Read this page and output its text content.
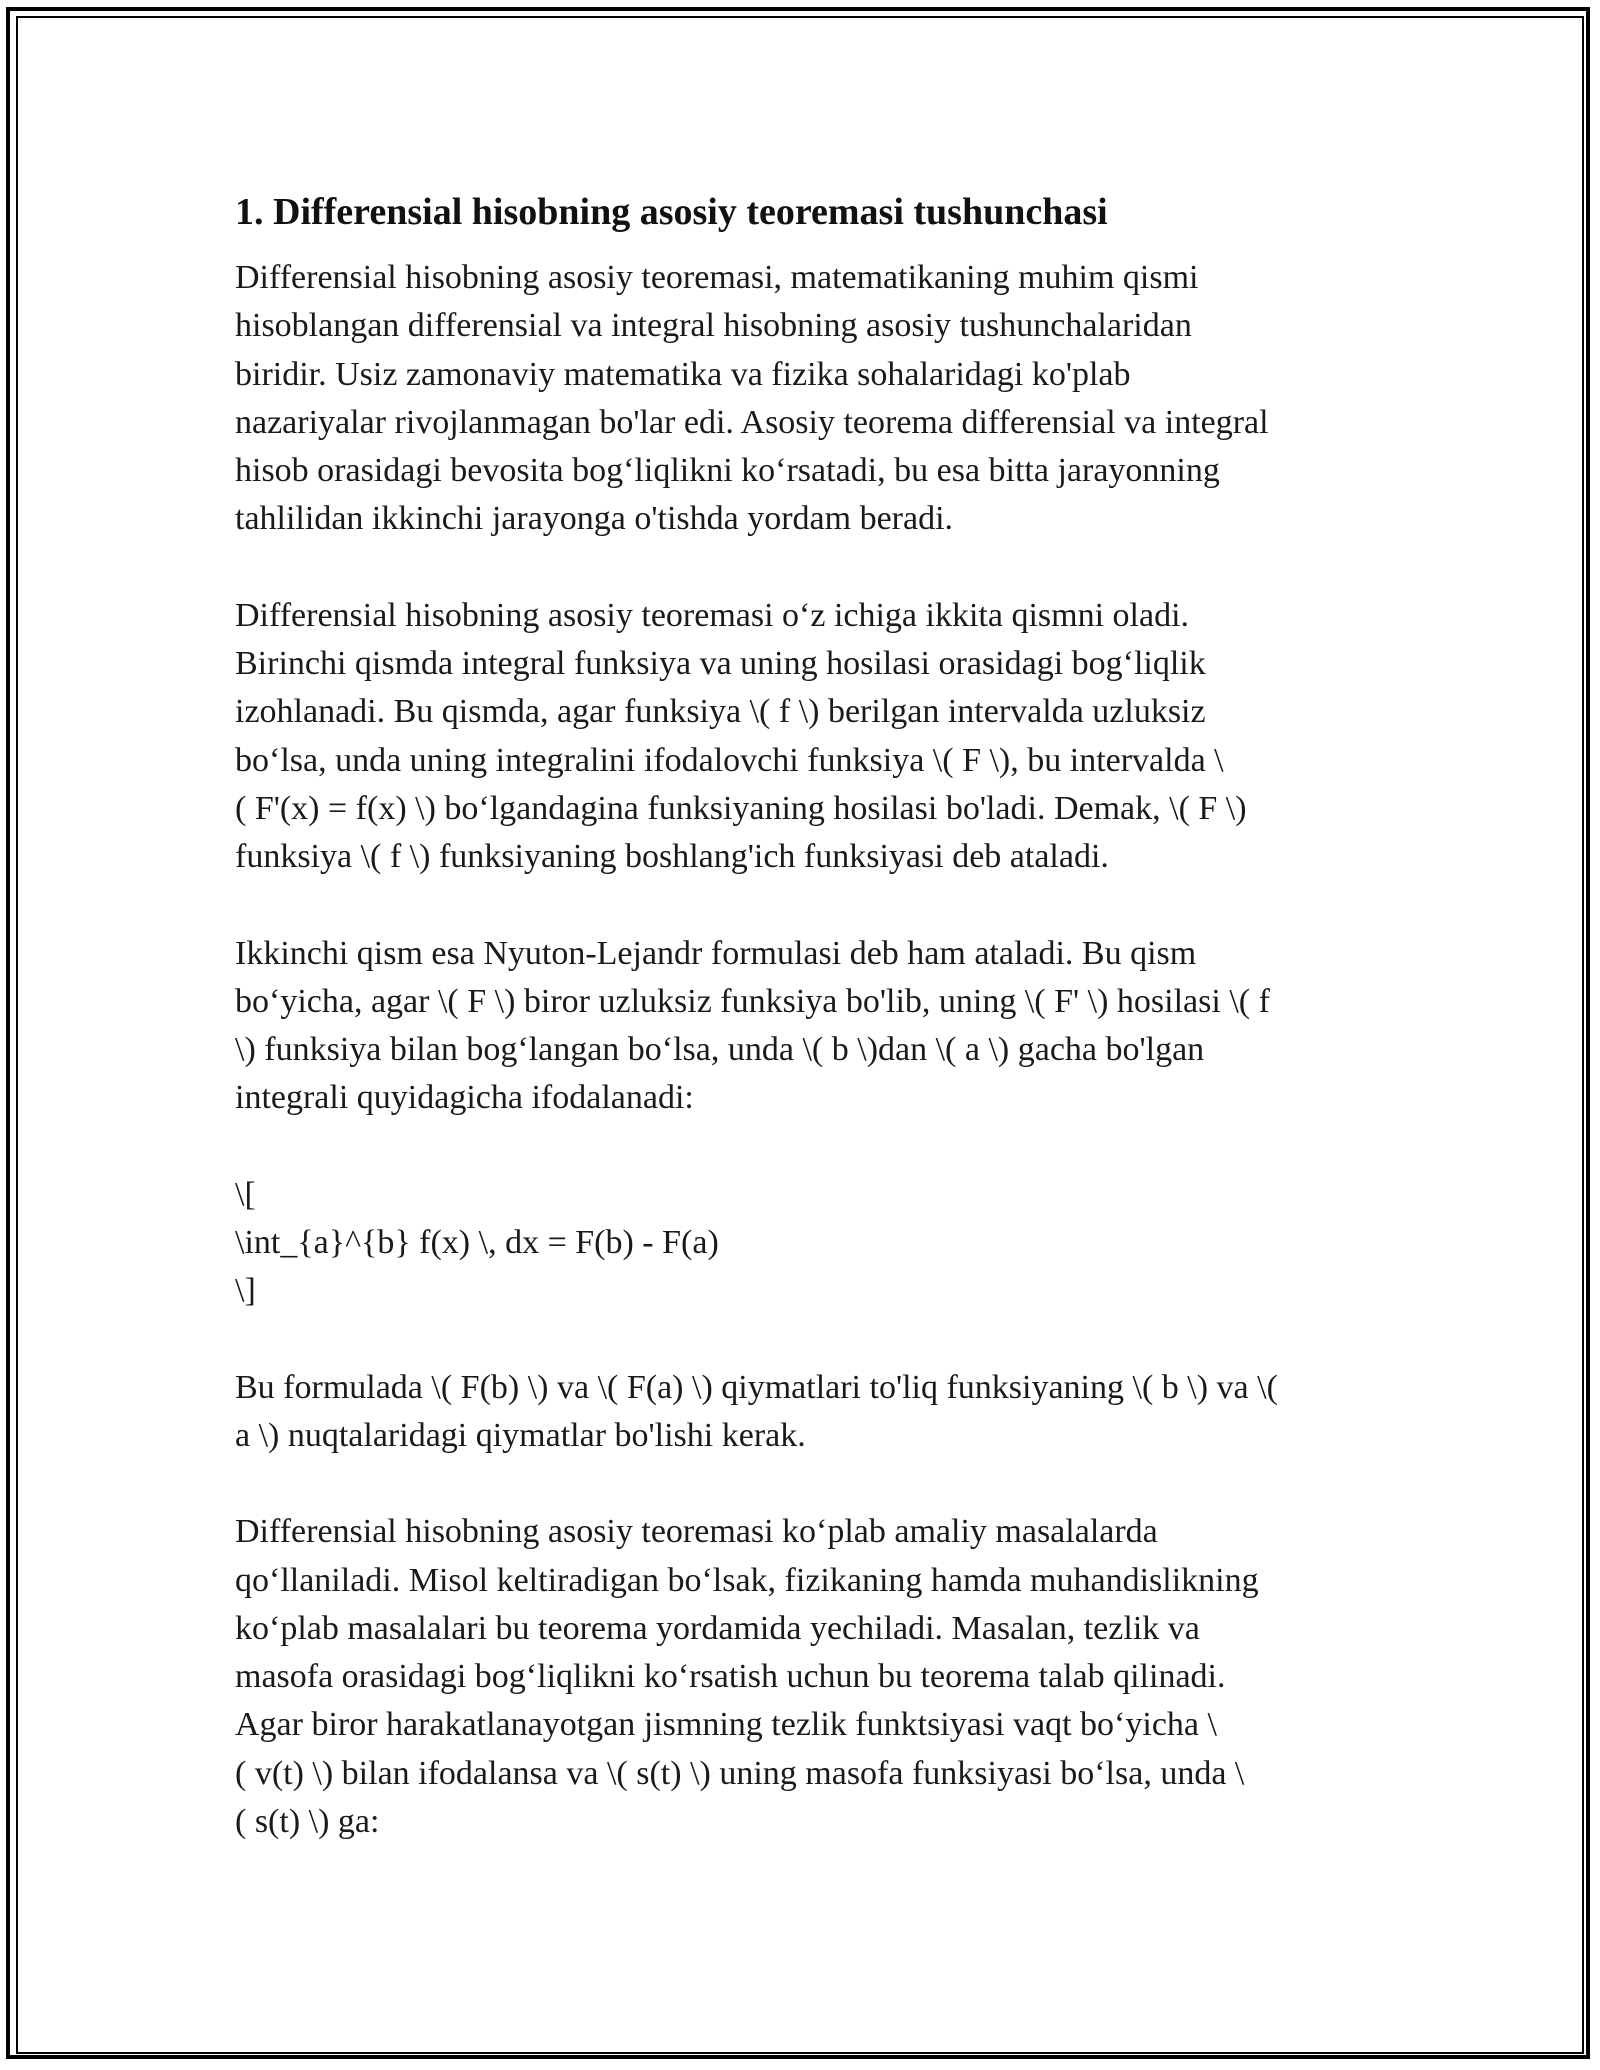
1. Differensial hisobning asosiy teoremasi tushunchasi

Differensial hisobning asosiy teoremasi, matematikaning muhim qismi
hisoblangan differensial va integral hisobning asosiy tushunchalaridan
biridir. Usiz zamonaviy matematika va fizika sohalaridagi ko'plab
nazariyalar rivojlanmagan bo'lar edi. Asosiy teorema differensial va integral
hisob orasidagi bevosita bog‘liqlikni ko‘rsatadi, bu esa bitta jarayonning
tahlilidan ikkinchi jarayonga o'tishda yordam beradi.

Differensial hisobning asosiy teoremasi o‘z ichiga ikkita qismni oladi.
Birinchi qismda integral funksiya va uning hosilasi orasidagi bog‘liqlik
izohlanadi. Bu qismda, agar funksiya \( f \) berilgan intervalda uzluksiz
bo‘lsa, unda uning integralini ifodalovchi funksiya \( F \), bu intervalda \
( F'(x) = f(x) \) bo‘lgandagina funksiyaning hosilasi bo'ladi. Demak, \( F \)
funksiya \( f \) funksiyaning boshlang'ich funksiyasi deb ataladi.

Ikkinchi qism esa Nyuton-Lejandr formulasi deb ham ataladi. Bu qism
bo‘yicha, agar \( F \) biror uzluksiz funksiya bo'lib, uning \( F' \) hosilasi \( f
\) funksiya bilan bog‘langan bo‘lsa, unda \( b \)dan \( a \) gacha bo'lgan
integrali quyidagicha ifodalanadi:

\[
\int_{a}^{b} f(x) \, dx = F(b) - F(a)
\]

Bu formulada \( F(b) \) va \( F(a) \) qiymatlari to'liq funksiyaning \( b \) va \(
a \) nuqtalaridagi qiymatlar bo'lishi kerak.

Differensial hisobning asosiy teoremasi ko‘plab amaliy masalalarda
qo‘llaniladi. Misol keltiradigan bo‘lsak, fizikaning hamda muhandislikning
ko‘plab masalalari bu teorema yordamida yechiladi. Masalan, tezlik va
masofa orasidagi bog‘liqlikni ko‘rsatish uchun bu teorema talab qilinadi.
Agar biror harakatlanayotgan jismning tezlik funktsiyasi vaqt bo‘yicha \
( v(t) \) bilan ifodalansa va \( s(t) \) uning masofa funksiyasi bo‘lsa, unda \
( s(t) \) ga:
